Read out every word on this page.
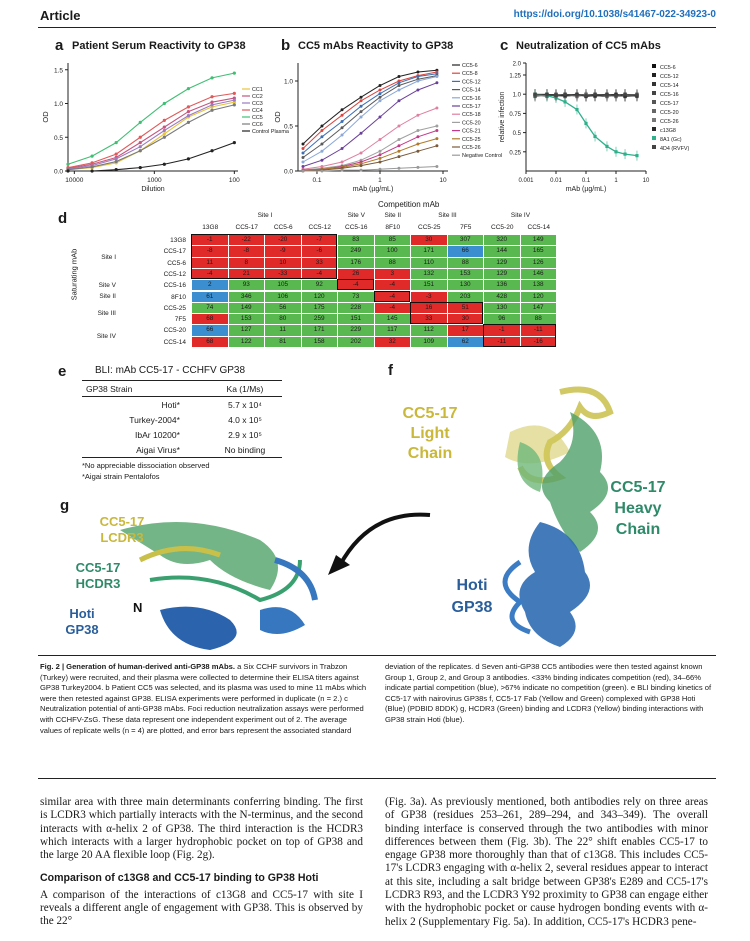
Article	https://doi.org/10.1038/s41467-022-34923-0
a Patient Serum Reactivity to GP38
0.0
0.5
1.0
1.5
10000	1000	100
Dilution
OD
CC1
CC2
CC3
CC4
CC5
CC6
Control Plasma
b CC5 mAbs Reactivity to GP38
0.0
0.5
1.0
0.1	1	10
mAb (µg/mL)
OD
CC5-6
CC5-8
CC5-12
CC5-14
CC5-16
CC5-17
CC5-18
CC5-20
CC5-21
CC5-25
CC5-26
Negative Control
c Neutralization of CC5 mAbs
0.25
0.5
0.75
1.0
1.25
2.0
0.001	0.01	0.1	1	10
mAb (µg/mL)
relative infection
CC5-6
CC5-12
CC5-14
CC5-16
CC5-17
CC5-20
CC5-26
c13G8
8A1 (Gc)
4D4 (RVFV)
d
Competition mAb
Saturating mAb
Site I	Site V	Site II	Site III	Site IV
13G8	CC5-17	CC5-6	CC5-12	CC5-16	8F10	CC5-25	7F5	CC5-20	CC5-14
Site I
Site V
Site II
Site III
Site IV
13G8	-1	-22	-20	-7	83	85	30	307	320	149
CC5-17	-8	-8	-9	-6	249	100	171	66	144	165
CC5-6	11	8	10	33	176	88	110	88	129	126
CC5-12	-4	21	-33	-4	26	3	132	153	129	146
CC5-16	2	93	105	92	-4	-4	151	130	136	138
8F10	61	346	106	120	73	-4	-3	203	428	120
CC5-25	74	149	56	175	228	-4	16	51	130	147
7F5	68	153	80	259	151	145	33	30	96	88
CC5-20	66	127	11	171	229	117	112	17	-1	-11
CC5-14	68	122	81	158	202	32	109	62	-11	-16
e	BLI: mAb CC5-17 - CCHFV GP38
GP38 Strain	Ka (1/Ms)
Hoti*	5.7 x 10⁴
Turkey-2004*	4.0 x 10⁵
IbAr 10200*	2.9 x 10⁵
Aigai Virus*	No binding
*No appreciable dissociation observed
*Aigai strain Pentalofos
f
CC5-17
Light
Chain
CC5-17
Heavy
Chain
Hoti
GP38
g
CC5-17
LCDR3
CC5-17
HCDR3
N
Hoti
GP38
Fig. 2 | Generation of human-derived anti-GP38 mAbs. a Six CCHF survivors in Trabzon (Turkey) were recruited, and their plasma were collected to determine their ELISA titers against GP38 Turkey2004. b Patient CC5 was selected, and its plasma was used to mine 11 mAbs which were then retested against GP38. ELISA experiments were performed in duplicate (n = 2.) c Neutralization potential of anti-GP38 mAbs. Foci reduction neutralization assays were performed with CCHFV-ZsG. These data represent one independent experiment out of 2. The average values of replicate wells (n = 4) are plotted, and error bars represent the associated standard
deviation of the replicates. d Seven anti-GP38 CC5 antibodies were then tested against known Group 1, Group 2, and Group 3 antibodies. <33% binding indicates competition (red), 34–66% indicate partial competition (blue), >67% indicate no competition (green). e BLI binding kinetics of CC5-17 with nairovirus GP38s f, CC5-17 Fab (Yellow and Green) complexed with GP38 Hoti (Blue) (PDBID 8DDK) g, HCDR3 (Green) binding and LCDR3 (Yellow) binding interactions with GP38 strain Hoti (blue).
similar area with three main determinants conferring binding. The first is LCDR3 which partially interacts with the N-terminus, and the second interacts with α-helix 2 of GP38. The third interaction is the HCDR3 which interacts with a larger hydrophobic pocket on top of GP38 and the large 20 AA flexible loop (Fig. 2g).
Comparison of c13G8 and CC5-17 binding to GP38 Hoti
A comparison of the interactions of c13G8 and CC5-17 with site I reveals a different angle of engagement with GP38. This is observed by the 22°
(Fig. 3a). As previously mentioned, both antibodies rely on three areas of GP38 (residues 253–261, 289–294, and 343–349). The overall binding interface is conserved through the two antibodies with minor differences between them (Fig. 3b). The 22° shift enables CC5-17 to engage GP38 more thoroughly than that of c13G8. This includes CC5-17's LCDR3 engaging with α-helix 2, several residues appear to interact at this site, including a salt bridge between GP38's E289 and CC5-17's LCDR3 R93, and the LCDR3 Y92 proximity to GP38 can engage either with the hydrophobic pocket or cause hydrogen bonding events with α-helix 2 (Supplementary Fig. 5a). In addition, CC5-17's HCDR3 pene-
